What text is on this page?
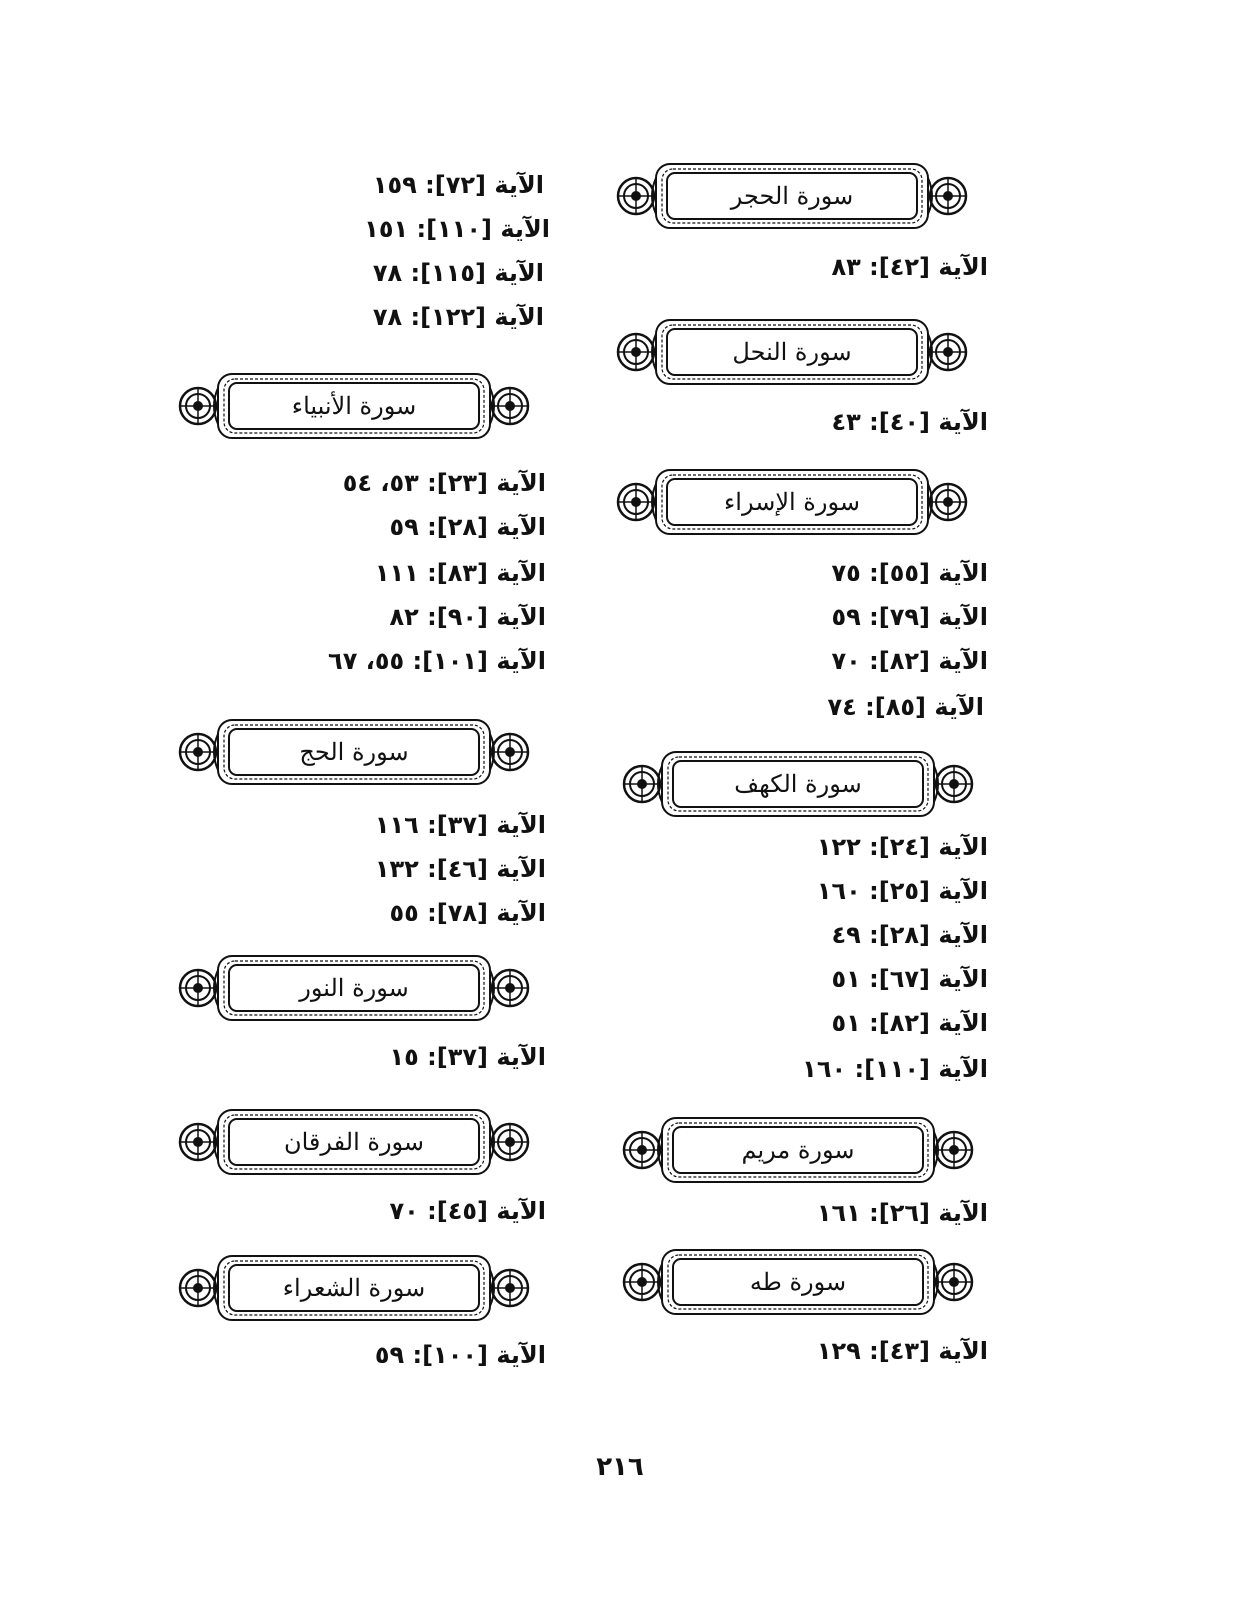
سورة الحجر
الآية [٤٢]: ٨٣
سورة النحل
الآية [٤٠]: ٤٣
سورة الإسراء
الآية [٥٥]: ٧٥
الآية [٧٩]: ٥٩
الآية [٨٢]: ٧٠
الآية [٨٥]: ٧٤
سورة الكهف
الآية [٢٤]: ١٢٢
الآية [٢٥]: ١٦٠
الآية [٢٨]: ٤٩
الآية [٦٧]: ٥١
الآية [٨٢]: ٥١
الآية [١١٠]: ١٦٠
سورة مريم
الآية [٢٦]: ١٦١
سورة طه
الآية [٤٣]: ١٢٩
الآية [٧٢]: ١٥٩
الآية [١١٠]: ١٥١
الآية [١١٥]: ٧٨
الآية [١٢٢]: ٧٨
سورة الأنبياء
الآية [٢٣]: ٥٣، ٥٤
الآية [٢٨]: ٥٩
الآية [٨٣]: ١١١
الآية [٩٠]: ٨٢
الآية [١٠١]: ٥٥، ٦٧
سورة الحج
الآية [٣٧]: ١١٦
الآية [٤٦]: ١٣٢
الآية [٧٨]: ٥٥
سورة النور
الآية [٣٧]: ١٥
سورة الفرقان
الآية [٤٥]: ٧٠
سورة الشعراء
الآية [١٠٠]: ٥٩
٢١٦
